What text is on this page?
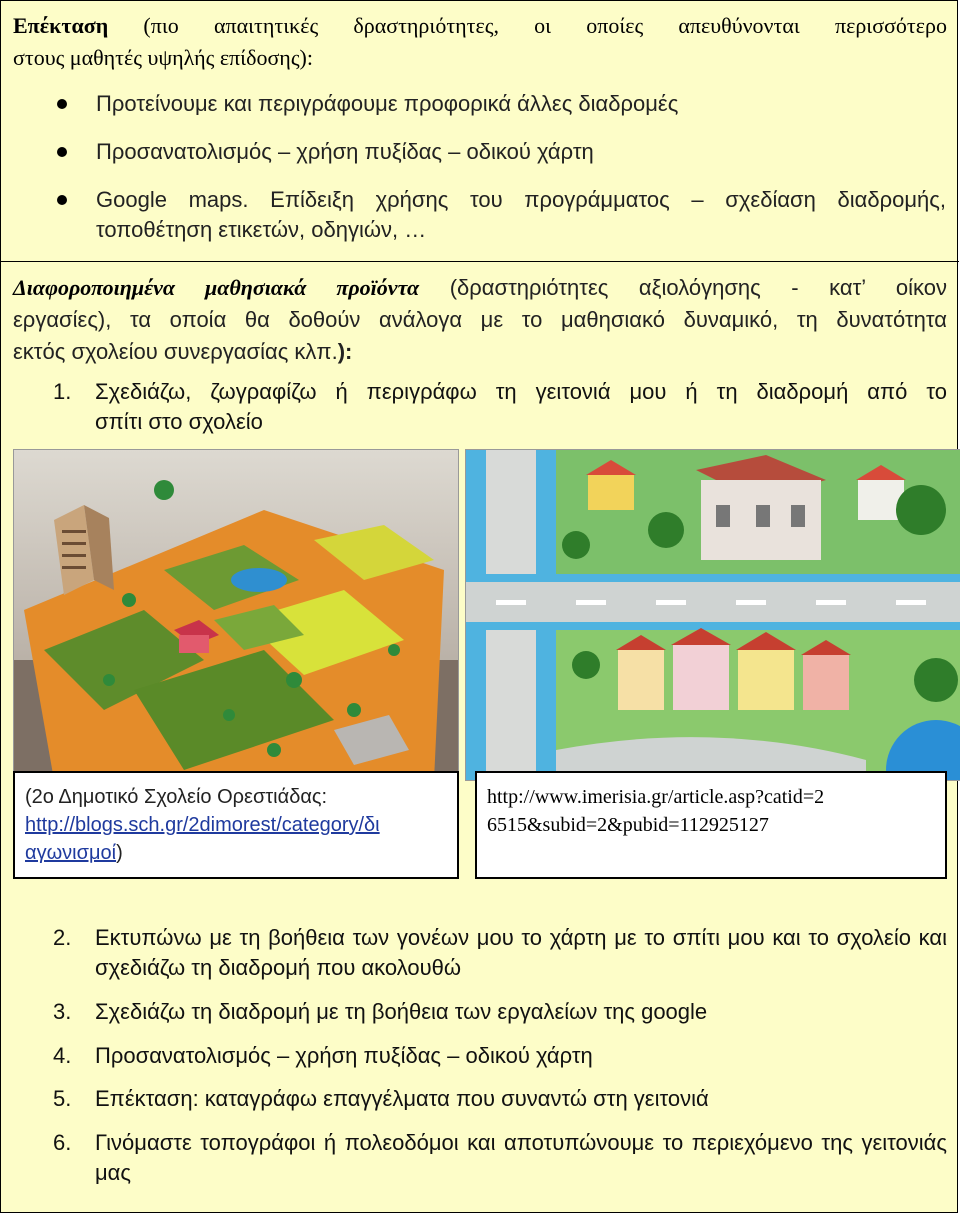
Επέκταση (πιο απαιτητικές δραστηριότητες, οι οποίες απευθύνονται περισσότερο

στους μαθητές υψηλής επίδοσης):

Προτείνουμε και περιγράφουμε προφορικά άλλες διαδρομές
Προσανατολισμός – χρήση πυξίδας – οδικού χάρτη
Google maps. Επίδειξη χρήσης του προγράμματος – σχεδίαση διαδρομής,
τοποθέτηση ετικετών, οδηγιών, …

Διαφοροποιημένα μαθησιακά προϊόντα (δραστηριότητες αξιολόγησης - κατ’ οίκον

εργασίες), τα οποία θα δοθούν ανάλογα με το μαθησιακό δυναμικό, τη δυνατότητα

εκτός σχολείου συνεργασίας κλπ.):

1. Σχεδιάζω, ζωγραφίζω ή περιγράφω τη γειτονιά μου ή τη διαδρομή από το
σπίτι στο σχολείο
(2ο Δημοτικό Σχολείο Ορεστιάδας:
http://blogs.sch.gr/2dimorest/category/δι
αγωνισμοί)
http://www.imerisia.gr/article.asp?catid=2
6515&subid=2&pubid=112925127
2. Εκτυπώνω με τη βοήθεια των γονέων μου το χάρτη με το σπίτι μου και το σχολείο και σχεδιάζω τη διαδρομή που ακολουθώ
3. Σχεδιάζω τη διαδρομή με τη βοήθεια των εργαλείων της google
4. Προσανατολισμός – χρήση πυξίδας – οδικού χάρτη
5. Επέκταση: καταγράφω επαγγέλματα που συναντώ στη γειτονιά
6. Γινόμαστε τοπογράφοι ή πολεοδόμοι και αποτυπώνουμε το περιεχόμενο της γειτονιάς μας
